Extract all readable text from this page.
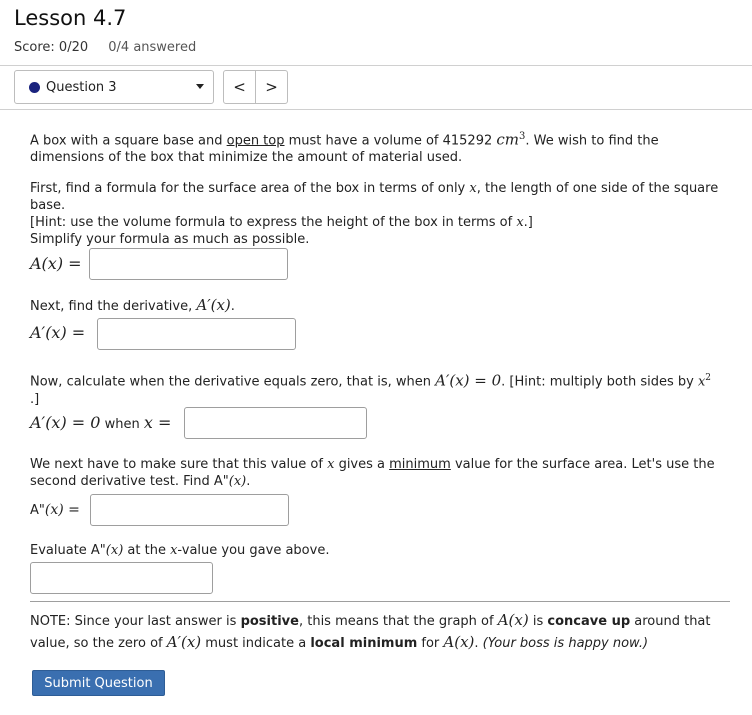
Lesson 4.7
Score: 0/20 0/4 answered
Question 3	< >
A box with a square base and open top must have a volume of 415292 $cm^3$. We wish to find the dimensions of the box that minimize the amount of material used.
First, find a formula for the surface area of the box in terms of only x, the length of one side of the square base.
[Hint: use the volume formula to express the height of the box in terms of x.]
Simplify your formula as much as possible.
A(x) =
Next, find the derivative, A′(x).
A′(x) =
Now, calculate when the derivative equals zero, that is, when A′(x) = 0. [Hint: multiply both sides by $x^2$
.]
A′(x) = 0 when x =
We next have to make sure that this value of x gives a minimum value for the surface area. Let's use the second derivative test. Find A"(x).
A"(x) =
Evaluate A"(x) at the x-value you gave above.
NOTE: Since your last answer is positive, this means that the graph of A(x) is concave up around that value, so the zero of A′(x) must indicate a local minimum for A(x). (Your boss is happy now.)
Submit Question
